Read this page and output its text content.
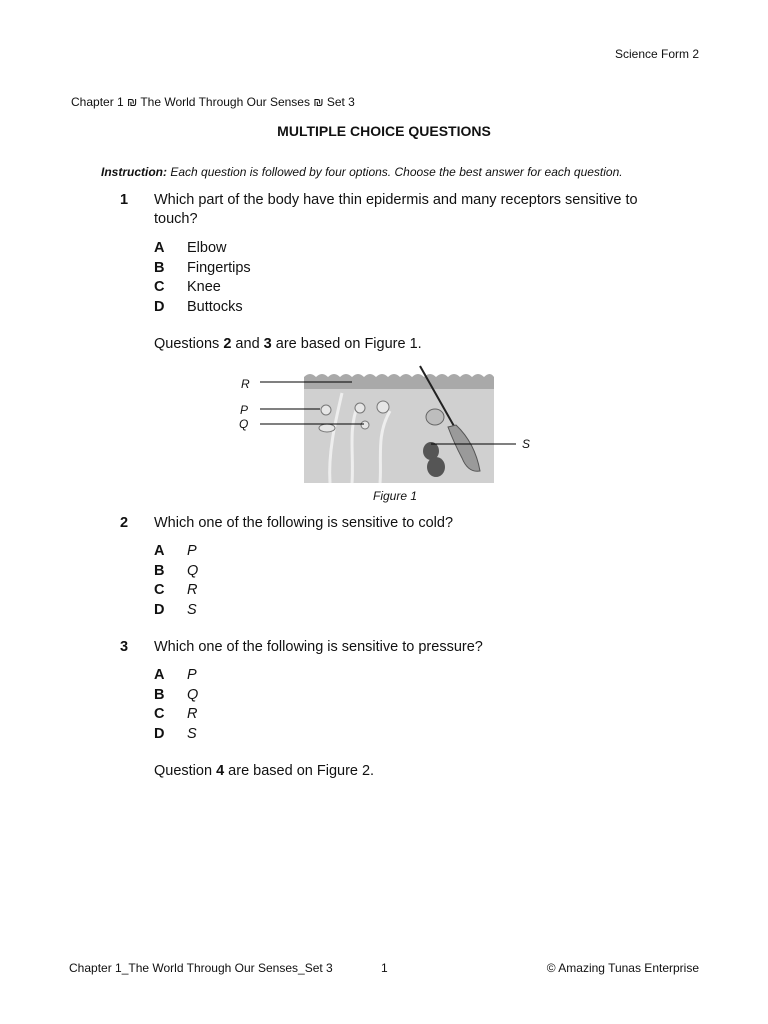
Science Form 2
Chapter 1 ₪ The World Through Our Senses ₪ Set 3
MULTIPLE CHOICE QUESTIONS
Instruction: Each question is followed by four options. Choose the best answer for each question.
1 Which part of the body have thin epidermis and many receptors sensitive to touch?
A	Elbow
B	Fingertips
C	Knee
D	Buttocks
Questions 2 and 3 are based on Figure 1.
R
P
Q
S
Figure 1
2 Which one of the following is sensitive to cold?
A	P
B	Q
C	R
D	S
3 Which one of the following is sensitive to pressure?
A	P
B	Q
C	R
D	S
Question 4 are based on Figure 2.
Chapter 1_The World Through Our Senses_Set 3	1	© Amazing Tunas Enterprise
